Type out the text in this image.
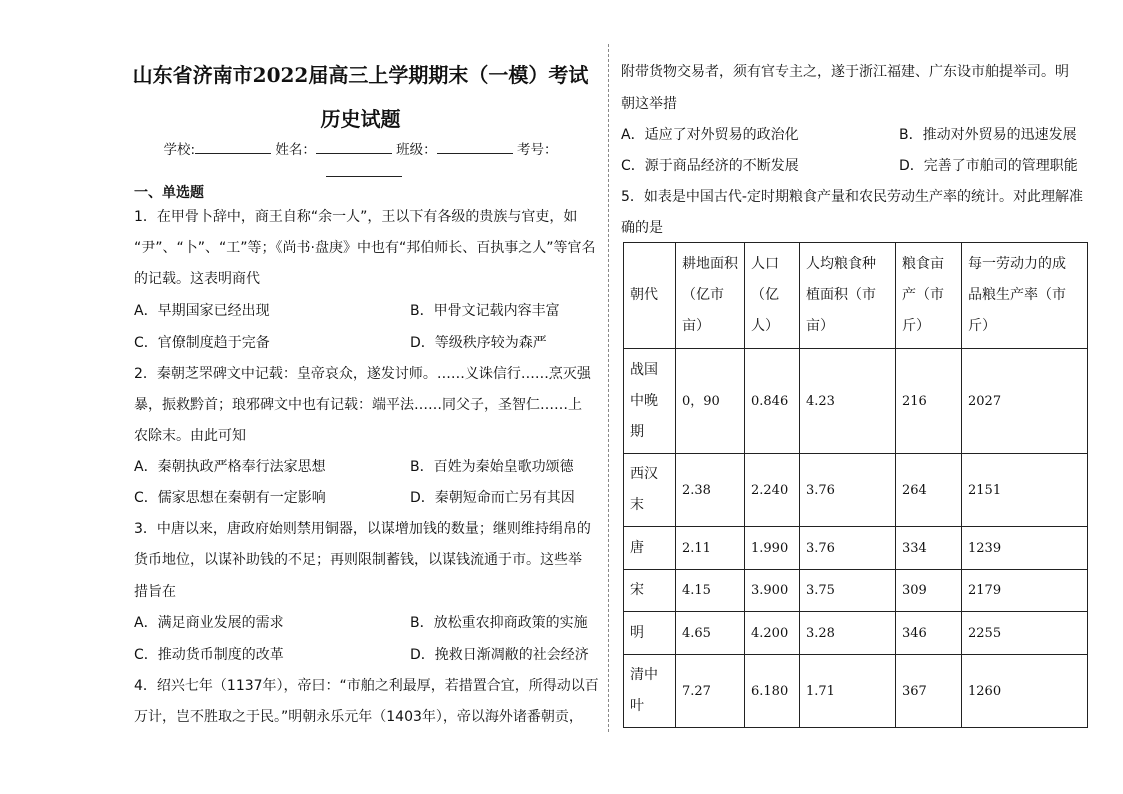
山东省济南市2022届高三上学期期末（一模）考试
历史试题
学校:	姓名：	班级：	考号：
一、单选题
1．在甲骨卜辞中，商王自称“余一人”，王以下有各级的贵族与官吏，如
“尹”、“卜”、“工”等；《尚书·盘庚》中也有“邦伯师长、百执事之人”等官名
的记载。这表明商代
A．早期国家已经出现	B．甲骨文记载内容丰富
C．官僚制度趋于完备	D．等级秩序较为森严
2．秦朝芝罘碑文中记载：皇帝哀众，遂发讨师。……义诛信行……烹灭强
暴，振救黔首；琅邪碑文中也有记载：端平法……同父子，圣智仁……上
农除末。由此可知
A．秦朝执政严格奉行法家思想	B．百姓为秦始皇歌功颂德
C．儒家思想在秦朝有一定影响	D．秦朝短命而亡另有其因
3．中唐以来，唐政府始则禁用铜器，以谋增加钱的数量；继则维持绢帛的
货币地位，以谋补助钱的不足；再则限制蓄钱，以谋钱流通于市。这些举
措旨在
A．满足商业发展的需求	B．放松重农抑商政策的实施
C．推动货币制度的改革	D．挽救日渐凋敝的社会经济
4．绍兴七年（1137年），帝曰：“市舶之利最厚，若措置合宜，所得动以百
万计，岂不胜取之于民。”明朝永乐元年（1403年），帝以海外诸番朝贡，
附带货物交易者，须有官专主之，遂于浙江福建、广东设市舶提举司。明
朝这举措
A．适应了对外贸易的政治化	B．推动对外贸易的迅速发展
C．源于商品经济的不断发展	D．完善了市舶司的管理职能
5．如表是中国古代-定时期粮食产量和农民劳动生产率的统计。对此理解准
确的是
朝代	耕地面积
（亿市
亩）	人口
（亿
人）	人均粮食种
植面积（市
亩）	粮食亩
产（市
斤）	每一劳动力的成
品粮生产率（市
斤）
战国
中晚
期	0，90	0.846	4.23	216	2027
西汉
末	2.38	2.240	3.76	264	2151
唐	2.11	1.990	3.76	334	1239
宋	4.15	3.900	3.75	309	2179
明	4.65	4.200	3.28	346	2255
清中
叶	7.27	6.180	1.71	367	1260
